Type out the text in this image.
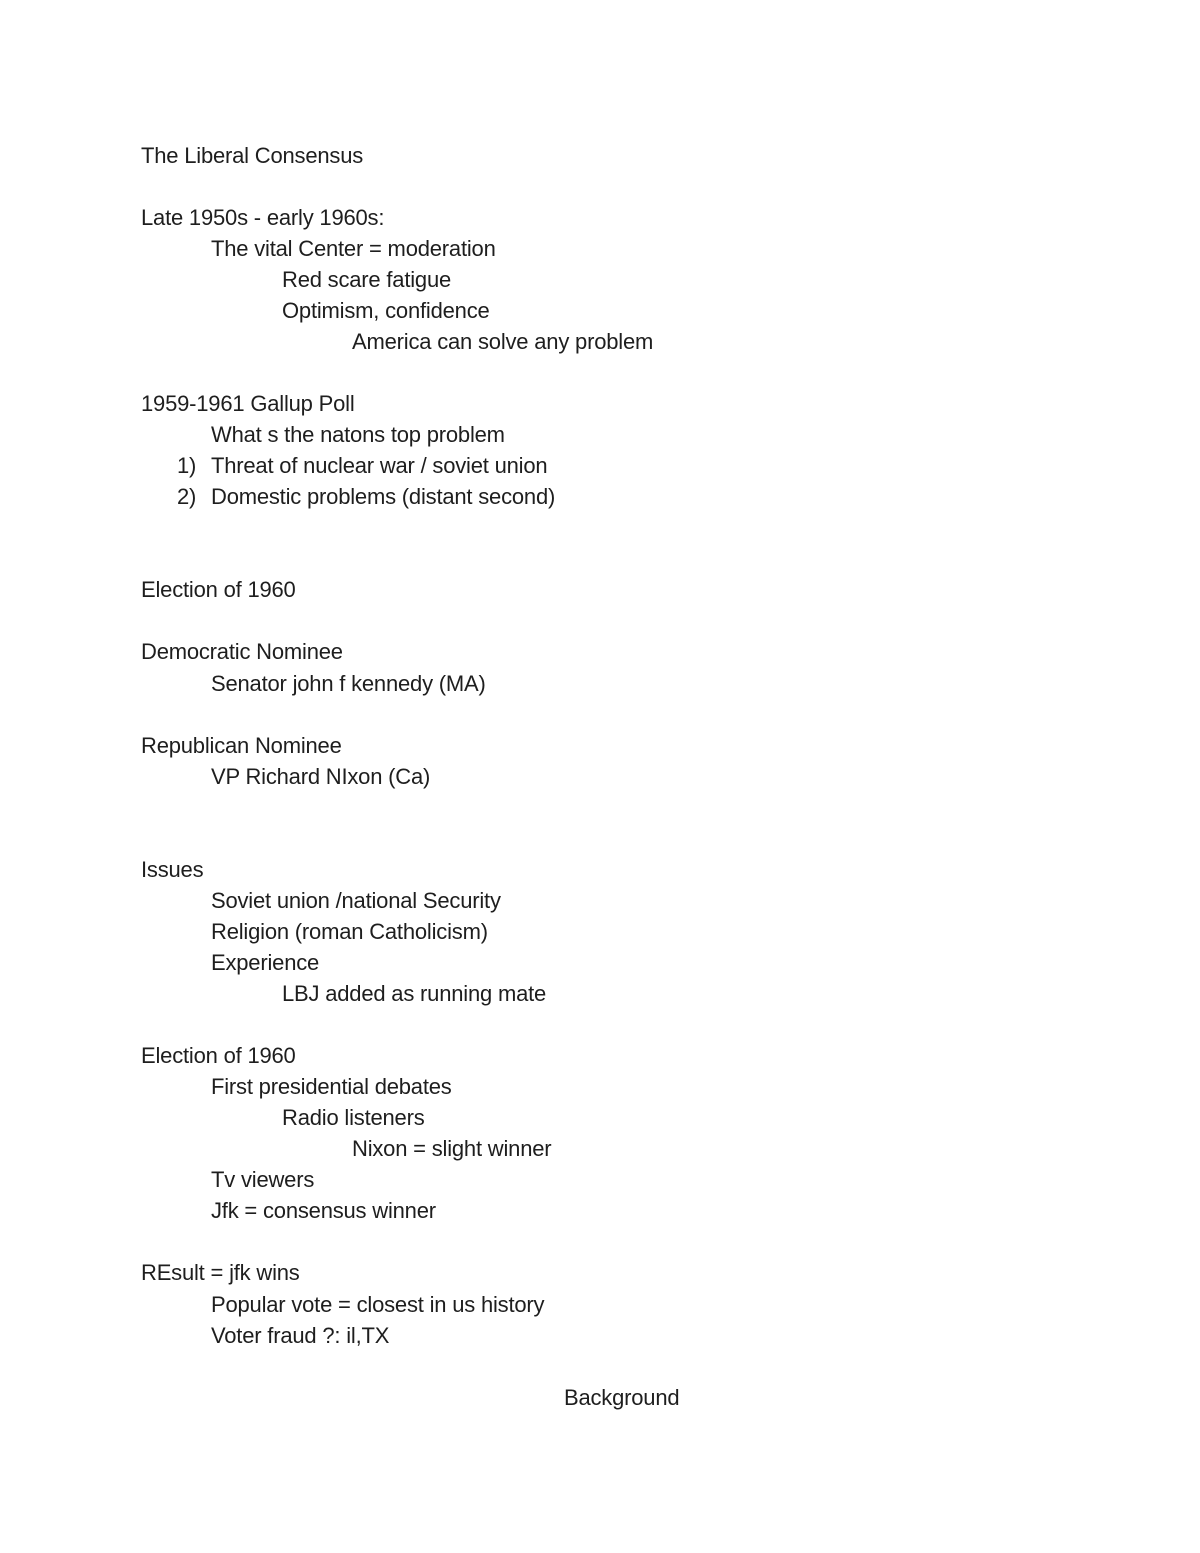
The Liberal Consensus
Late 1950s - early 1960s:
The vital Center = moderation
Red scare fatigue
Optimism, confidence
America can solve any problem
1959-1961 Gallup Poll
What s the natons top problem
1) Threat of nuclear war / soviet union
2) Domestic problems (distant second)
Election of 1960
Democratic Nominee
Senator john f kennedy (MA)
Republican Nominee
VP Richard NIxon (Ca)
Issues
Soviet union /national Security
Religion (roman Catholicism)
Experience
LBJ added as running mate
Election of 1960
First presidential debates
Radio listeners
Nixon = slight winner
Tv viewers
Jfk = consensus winner
REsult = jfk wins
Popular vote = closest in us history
Voter fraud ?: il,TX
Background
